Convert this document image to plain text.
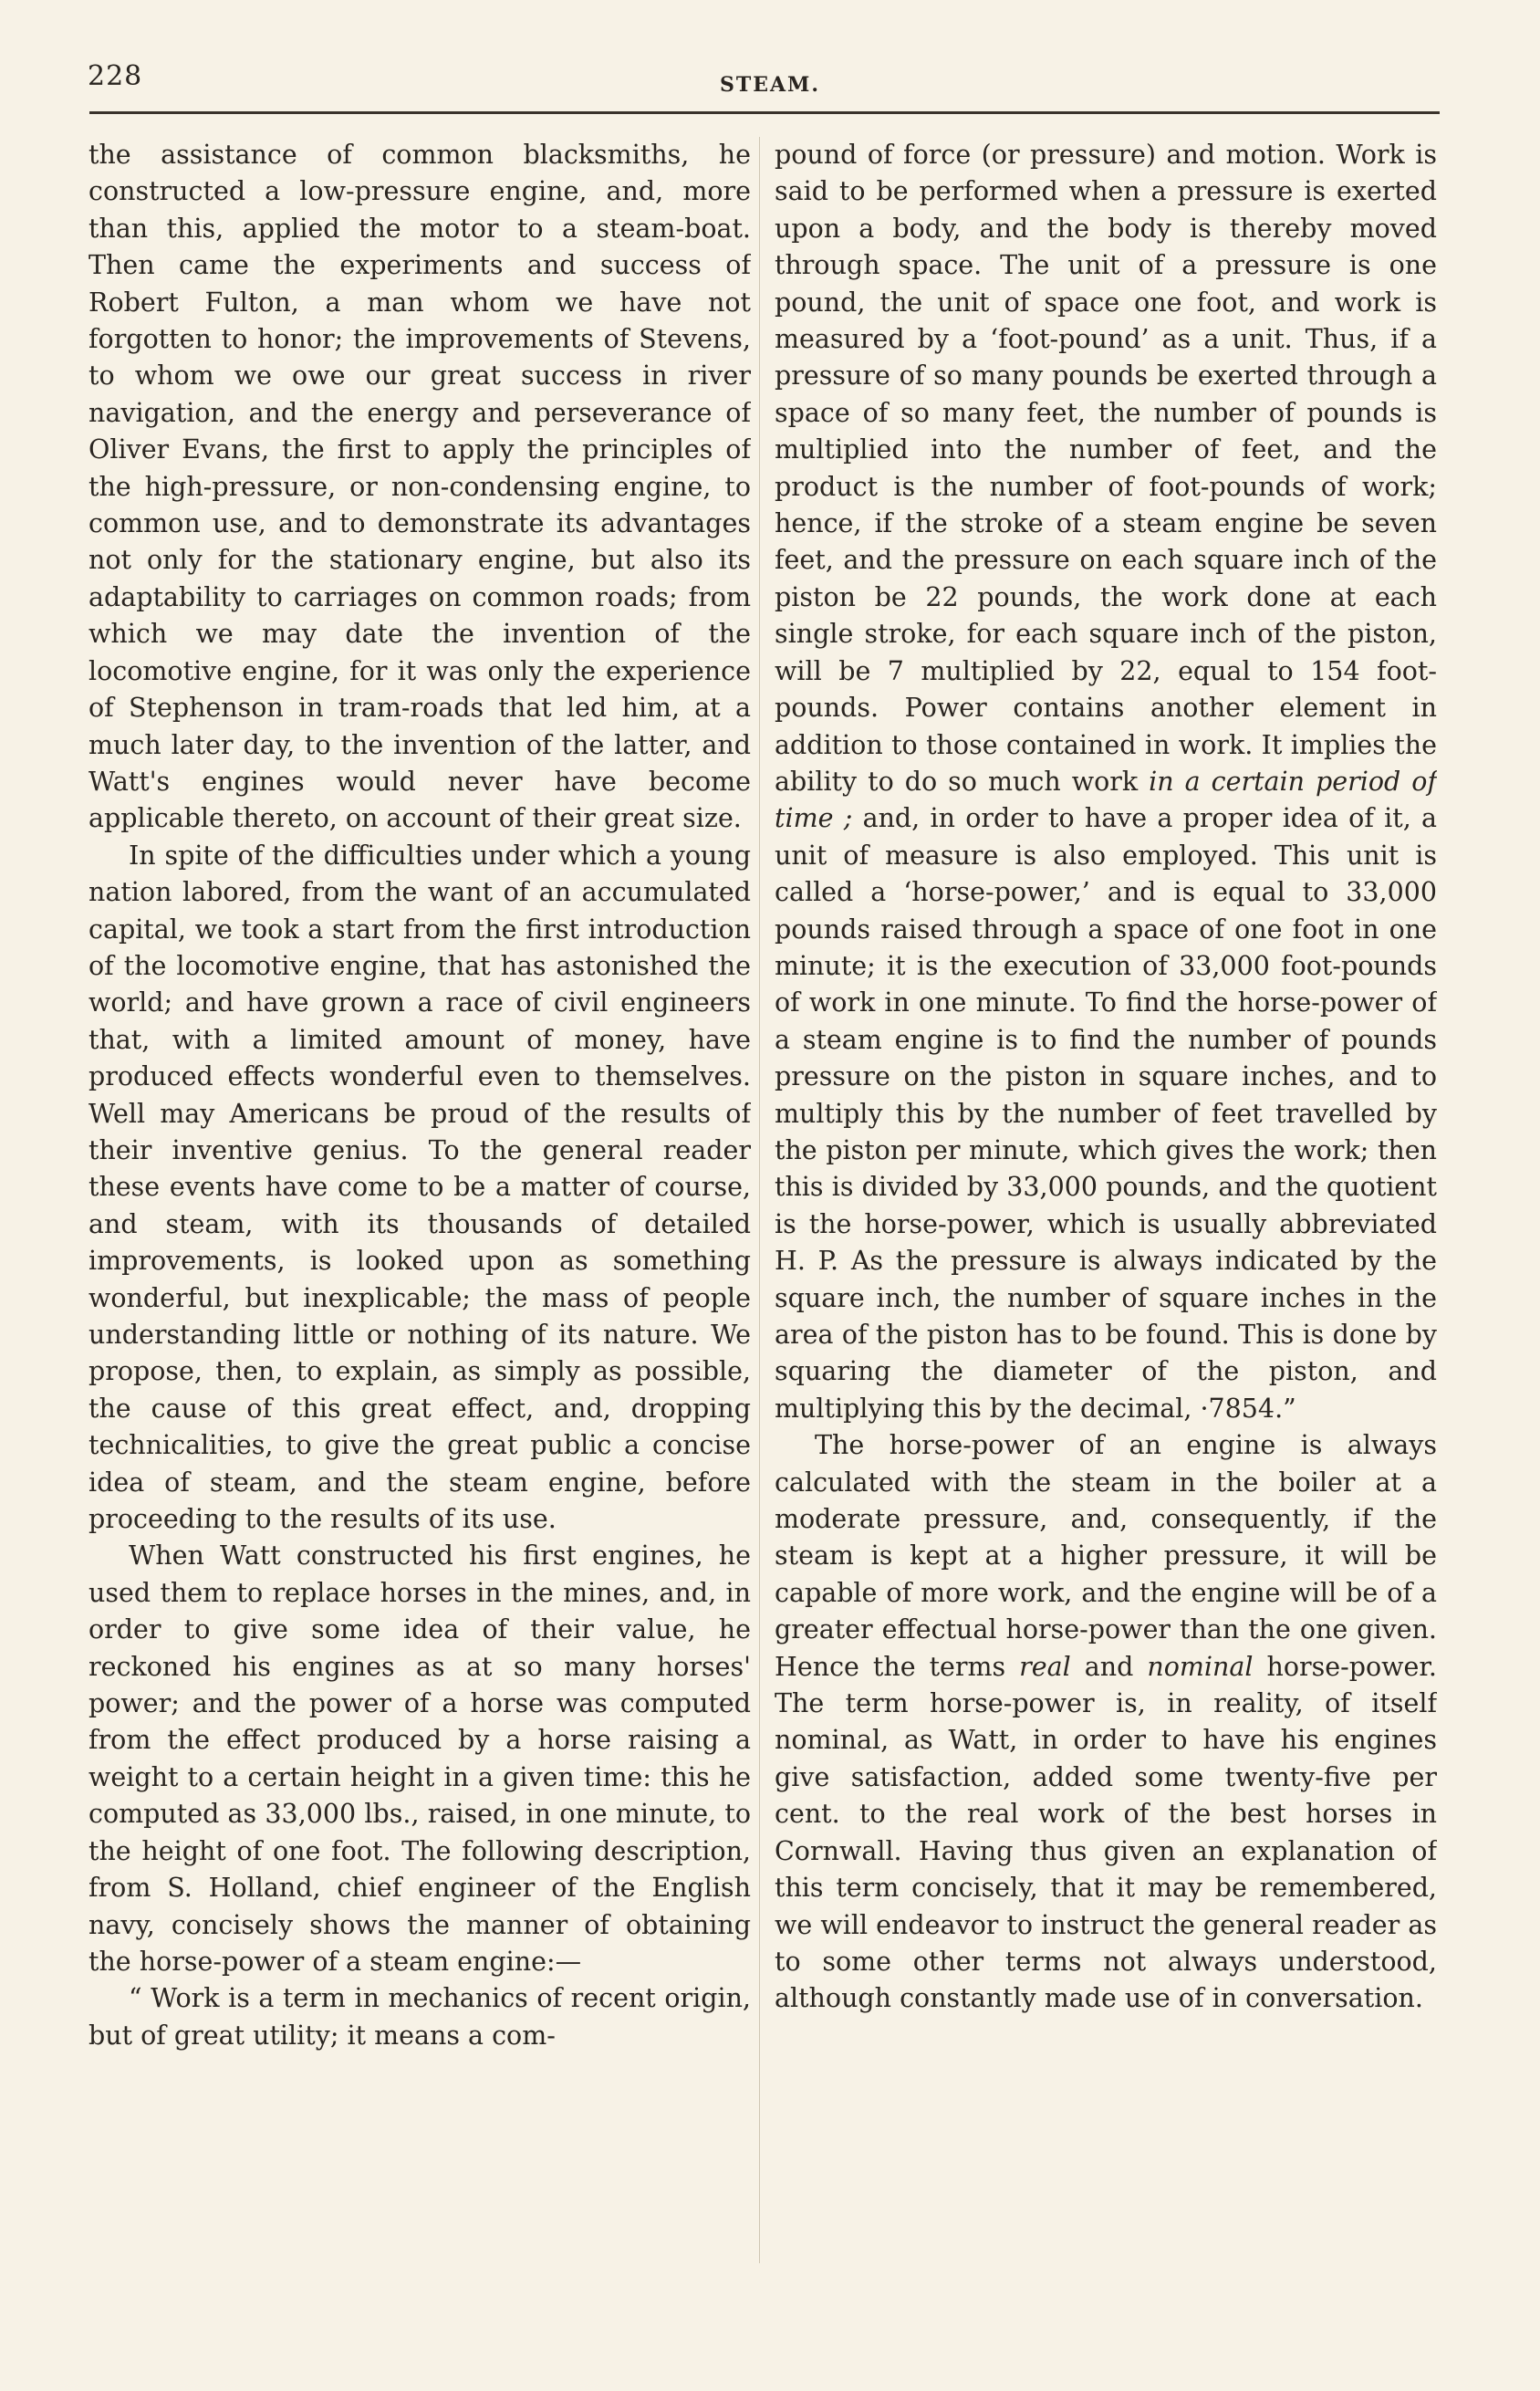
228	STEAM.

the assistance of common blacksmiths, he constructed a low-pressure engine, and, more than this, applied the motor to a steam-boat. Then came the experiments and success of Robert Fulton, a man whom we have not forgotten to honor; the improvements of Stevens, to whom we owe our great success in river navigation, and the energy and perseverance of Oliver Evans, the first to apply the principles of the high-pressure, or non-condensing engine, to common use, and to demonstrate its advantages not only for the stationary engine, but also its adaptability to carriages on common roads; from which we may date the invention of the locomotive engine, for it was only the experience of Stephenson in tram-roads that led him, at a much later day, to the invention of the latter, and Watt's engines would never have become applicable thereto, on account of their great size.

In spite of the difficulties under which a young nation labored, from the want of an accumulated capital, we took a start from the first introduction of the locomotive engine, that has astonished the world; and have grown a race of civil engineers that, with a limited amount of money, have produced effects wonderful even to themselves. Well may Americans be proud of the results of their inventive genius. To the general reader these events have come to be a matter of course, and steam, with its thousands of detailed improvements, is looked upon as something wonderful, but inexplicable; the mass of people understanding little or nothing of its nature. We propose, then, to explain, as simply as possible, the cause of this great effect, and, dropping technicalities, to give the great public a concise idea of steam, and the steam engine, before proceeding to the results of its use.

When Watt constructed his first engines, he used them to replace horses in the mines, and, in order to give some idea of their value, he reckoned his engines as at so many horses' power; and the power of a horse was computed from the effect produced by a horse raising a weight to a certain height in a given time: this he computed as 33,000 lbs., raised, in one minute, to the height of one foot. The following description, from S. Holland, chief engineer of the English navy, concisely shows the manner of obtaining the horse-power of a steam engine:—

“ Work is a term in mechanics of recent origin, but of great utility; it means a com-

pound of force (or pressure) and motion. Work is said to be performed when a pressure is exerted upon a body, and the body is thereby moved through space. The unit of a pressure is one pound, the unit of space one foot, and work is measured by a ‘foot-pound’ as a unit. Thus, if a pressure of so many pounds be exerted through a space of so many feet, the number of pounds is multiplied into the number of feet, and the product is the number of foot-pounds of work; hence, if the stroke of a steam engine be seven feet, and the pressure on each square inch of the piston be 22 pounds, the work done at each single stroke, for each square inch of the piston, will be 7 multiplied by 22, equal to 154 foot-pounds. Power contains another element in addition to those contained in work. It implies the ability to do so much work in a certain period of time ; and, in order to have a proper idea of it, a unit of measure is also employed. This unit is called a ‘horse-power,’ and is equal to 33,000 pounds raised through a space of one foot in one minute; it is the execution of 33,000 foot-pounds of work in one minute. To find the horse-power of a steam engine is to find the number of pounds pressure on the piston in square inches, and to multiply this by the number of feet travelled by the piston per minute, which gives the work; then this is divided by 33,000 pounds, and the quotient is the horse-power, which is usually abbreviated H. P. As the pressure is always indicated by the square inch, the number of square inches in the area of the piston has to be found. This is done by squaring the diameter of the piston, and multiplying this by the decimal, ·7854.”

The horse-power of an engine is always calculated with the steam in the boiler at a moderate pressure, and, consequently, if the steam is kept at a higher pressure, it will be capable of more work, and the engine will be of a greater effectual horse-power than the one given. Hence the terms real and nominal horse-power. The term horse-power is, in reality, of itself nominal, as Watt, in order to have his engines give satisfaction, added some twenty-five per cent. to the real work of the best horses in Cornwall. Having thus given an explanation of this term concisely, that it may be remembered, we will endeavor to instruct the general reader as to some other terms not always understood, although constantly made use of in conversation.
